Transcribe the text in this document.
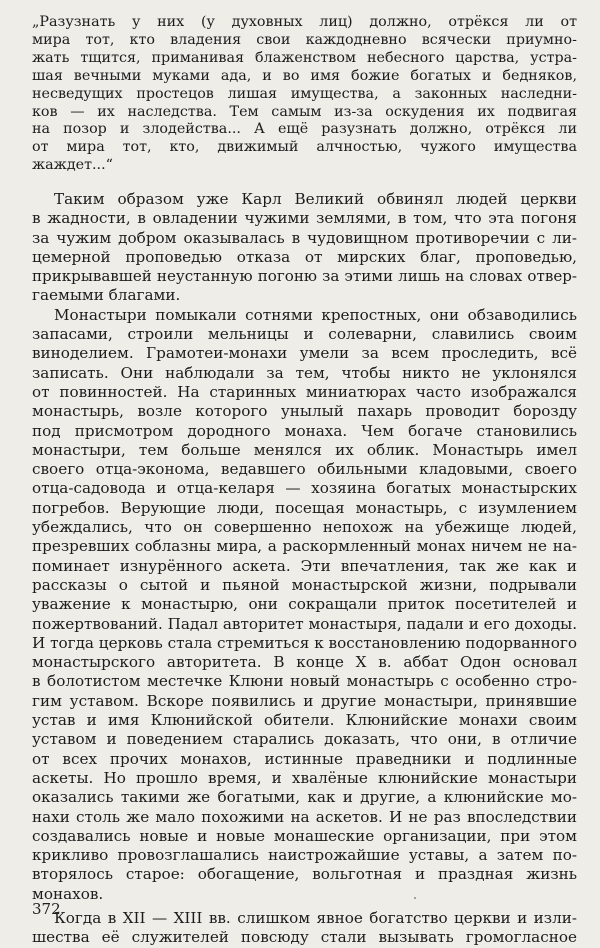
„Разузнать у них (у духовных лиц) должно, отрёкся ли от
мира тот, кто владения свои каждодневно всячески приумно-
жать тщится, приманивая блаженством небесного царства, устра-
шая вечными муками ада, и во имя божие богатых и бедняков,
несведущих простецов лишая имущества, а законных наследни-
ков — их наследства. Тем самым из-за оскудения их подвигая
на позор и злодейства... А ещё разузнать должно, отрёкся ли
от мира тот, кто, движимый алчностью, чужого имущества
жаждет...“
Таким образом уже Карл Великий обвинял людей церкви
в жадности, в овладении чужими землями, в том, что эта погоня
за чужим добром оказывалась в чудовищном противоречии с ли-
цемерной проповедью отказа от мирских благ, проповедью,
прикрывавшей неустанную погоню за этими лишь на словах отвер-
гаемыми благами.
Монастыри помыкали сотнями крепостных, они обзаводились
запасами, строили мельницы и солеварни, славились своим
виноделием. Грамотеи-монахи умели за всем проследить, всё
записать. Они наблюдали за тем, чтобы никто не уклонялся
от повинностей. На старинных миниатюрах часто изображался
монастырь, возле которого унылый пахарь проводит борозду
под присмотром дородного монаха. Чем богаче становились
монастыри, тем больше менялся их облик. Монастырь имел
своего отца-эконома, ведавшего обильными кладовыми, своего
отца-садовода и отца-келаря — хозяина богатых монастырских
погребов. Верующие люди, посещая монастырь, с изумлением
убеждались, что он совершенно непохож на убежище людей,
презревших соблазны мира, а раскормленный монах ничем не на-
поминает изнурённого аскета. Эти впечатления, так же как и
рассказы о сытой и пьяной монастырской жизни, подрывали
уважение к монастырю, они сокращали приток посетителей и
пожертвований. Падал авторитет монастыря, падали и его доходы.
И тогда церковь стала стремиться к восстановлению подорванного
монастырского авторитета. В конце X в. аббат Одон основал
в болотистом местечке Клюни новый монастырь с особенно стро-
гим уставом. Вскоре появились и другие монастыри, принявшие
устав и имя Клюнийской обители. Клюнийские монахи своим
уставом и поведением старались доказать, что они, в отличие
от всех прочих монахов, истинные праведники и подлинные
аскеты. Но прошло время, и хвалёные клюнийские монастыри
оказались такими же богатыми, как и другие, а клюнийские мо-
нахи столь же мало похожими на аскетов. И не раз впоследствии
создавались новые и новые монашеские организации, при этом
крикливо провозглашались наистрожайшие уставы, а затем по-
вторялось старое: обогащение, вольготная и праздная жизнь
монахов.
Когда в XII — XIII вв. слишком явное богатство церкви и изли-
шества её служителей повсюду стали вызывать громогласное
372
